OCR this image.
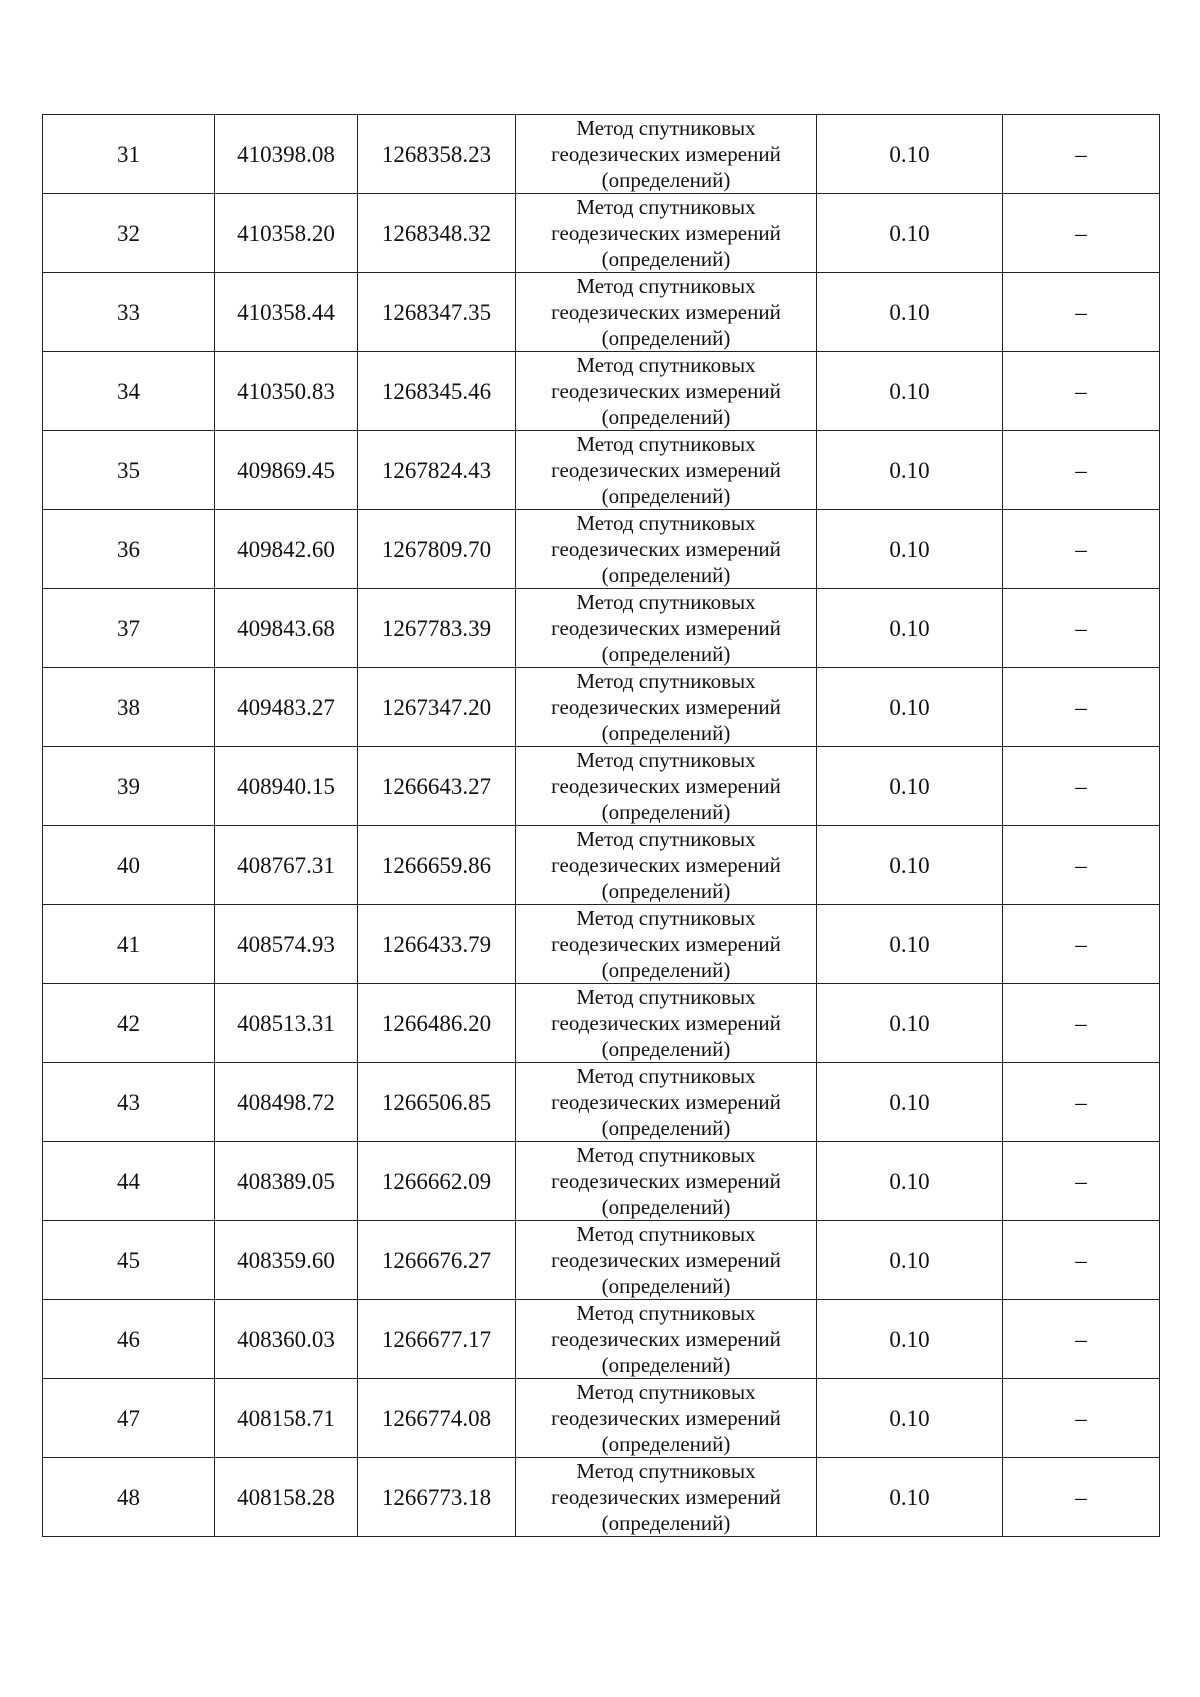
31	410398.08	1268358.23	Метод спутниковых
геодезических измерений
(определений)	0.10	–
32	410358.20	1268348.32	Метод спутниковых
геодезических измерений
(определений)	0.10	–
33	410358.44	1268347.35	Метод спутниковых
геодезических измерений
(определений)	0.10	–
34	410350.83	1268345.46	Метод спутниковых
геодезических измерений
(определений)	0.10	–
35	409869.45	1267824.43	Метод спутниковых
геодезических измерений
(определений)	0.10	–
36	409842.60	1267809.70	Метод спутниковых
геодезических измерений
(определений)	0.10	–
37	409843.68	1267783.39	Метод спутниковых
геодезических измерений
(определений)	0.10	–
38	409483.27	1267347.20	Метод спутниковых
геодезических измерений
(определений)	0.10	–
39	408940.15	1266643.27	Метод спутниковых
геодезических измерений
(определений)	0.10	–
40	408767.31	1266659.86	Метод спутниковых
геодезических измерений
(определений)	0.10	–
41	408574.93	1266433.79	Метод спутниковых
геодезических измерений
(определений)	0.10	–
42	408513.31	1266486.20	Метод спутниковых
геодезических измерений
(определений)	0.10	–
43	408498.72	1266506.85	Метод спутниковых
геодезических измерений
(определений)	0.10	–
44	408389.05	1266662.09	Метод спутниковых
геодезических измерений
(определений)	0.10	–
45	408359.60	1266676.27	Метод спутниковых
геодезических измерений
(определений)	0.10	–
46	408360.03	1266677.17	Метод спутниковых
геодезических измерений
(определений)	0.10	–
47	408158.71	1266774.08	Метод спутниковых
геодезических измерений
(определений)	0.10	–
48	408158.28	1266773.18	Метод спутниковых
геодезических измерений
(определений)	0.10	–
